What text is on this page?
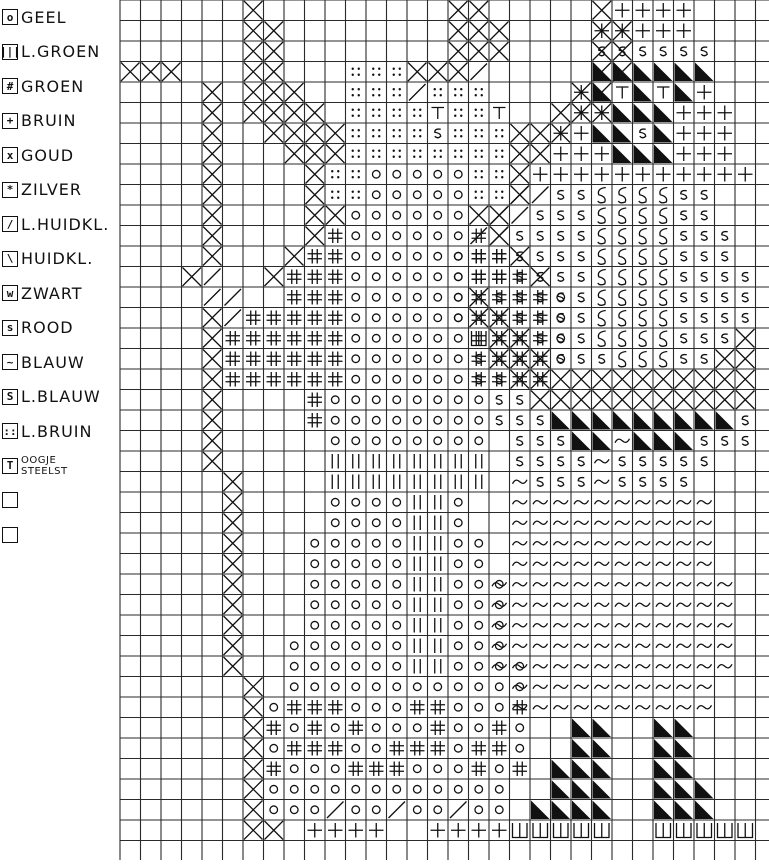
o GEEL
||| L.GROEN
# GROEN
+ BRUIN
x GOUD
* ZILVER
/ L.HUIDKL.
\ HUIDKL.
w ZWART
s ROOD
~ BLAUW
S L.BLAUW
:: L.BRUIN
T OOGJE
STEELST
